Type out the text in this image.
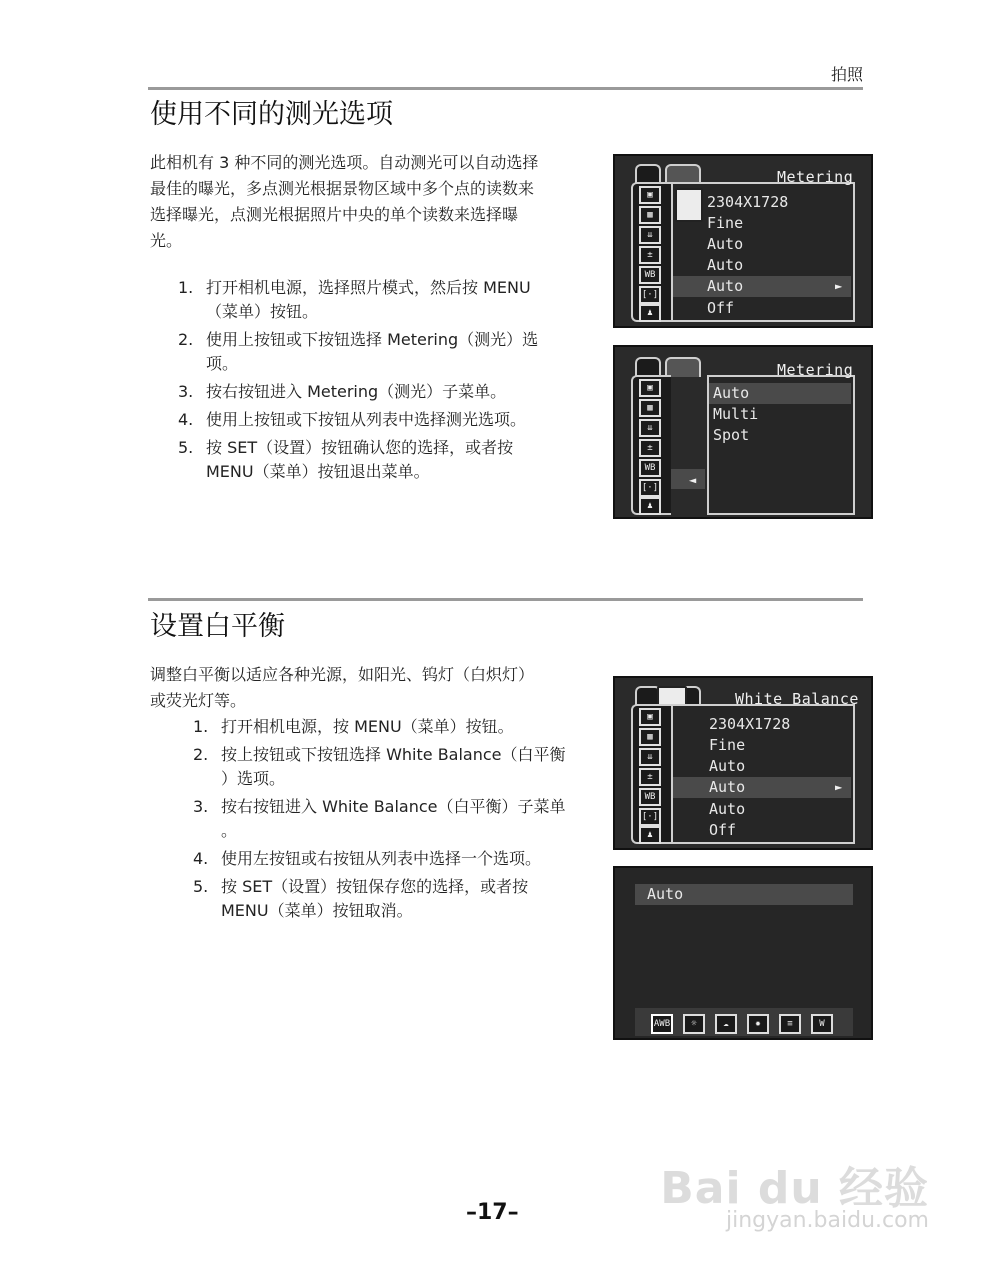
拍照
使用不同的测光选项
此相机有 3 种不同的测光选项。自动测光可以自动选择
最佳的曝光，多点测光根据景物区域中多个点的读数来
选择曝光，点测光根据照片中央的单个读数来选择曝
光。
1. 打开相机电源，选择照片模式，然后按 MENU
（菜单）按钮。
2. 使用上按钮或下按钮选择 Metering（测光）选
项。
3. 按右按钮进入 Metering（测光）子菜单。
4. 使用上按钮或下按钮从列表中选择测光选项。
5. 按 SET（设置）按钮确认您的选择，或者按
MENU（菜单）按钮退出菜单。
▣
▦
⇊
±
WB
[·]
♟
Metering
2304X1728
Fine
Auto
Auto
Auto	►
Off
▣
▦
⇊
±
WB
[·]
♟
◄
Metering
Auto
Multi
Spot
设置白平衡
调整白平衡以适应各种光源，如阳光、钨灯（白炽灯）
或荧光灯等。
1. 打开相机电源，按 MENU（菜单）按钮。
2. 按上按钮或下按钮选择 White Balance（白平衡
）选项。
3. 按右按钮进入 White Balance（白平衡）子菜单
。
4. 使用左按钮或右按钮从列表中选择一个选项。
5. 按 SET（设置）按钮保存您的选择，或者按
MENU（菜单）按钮取消。
▣
▦
⇊
±
WB
[·]
♟
White Balance
2304X1728
Fine
Auto
Auto	►
Auto
Off
Auto
AWB	☼	☁	✹	≡	W
–17–	Bai du 经验
jingyan.baidu.com
